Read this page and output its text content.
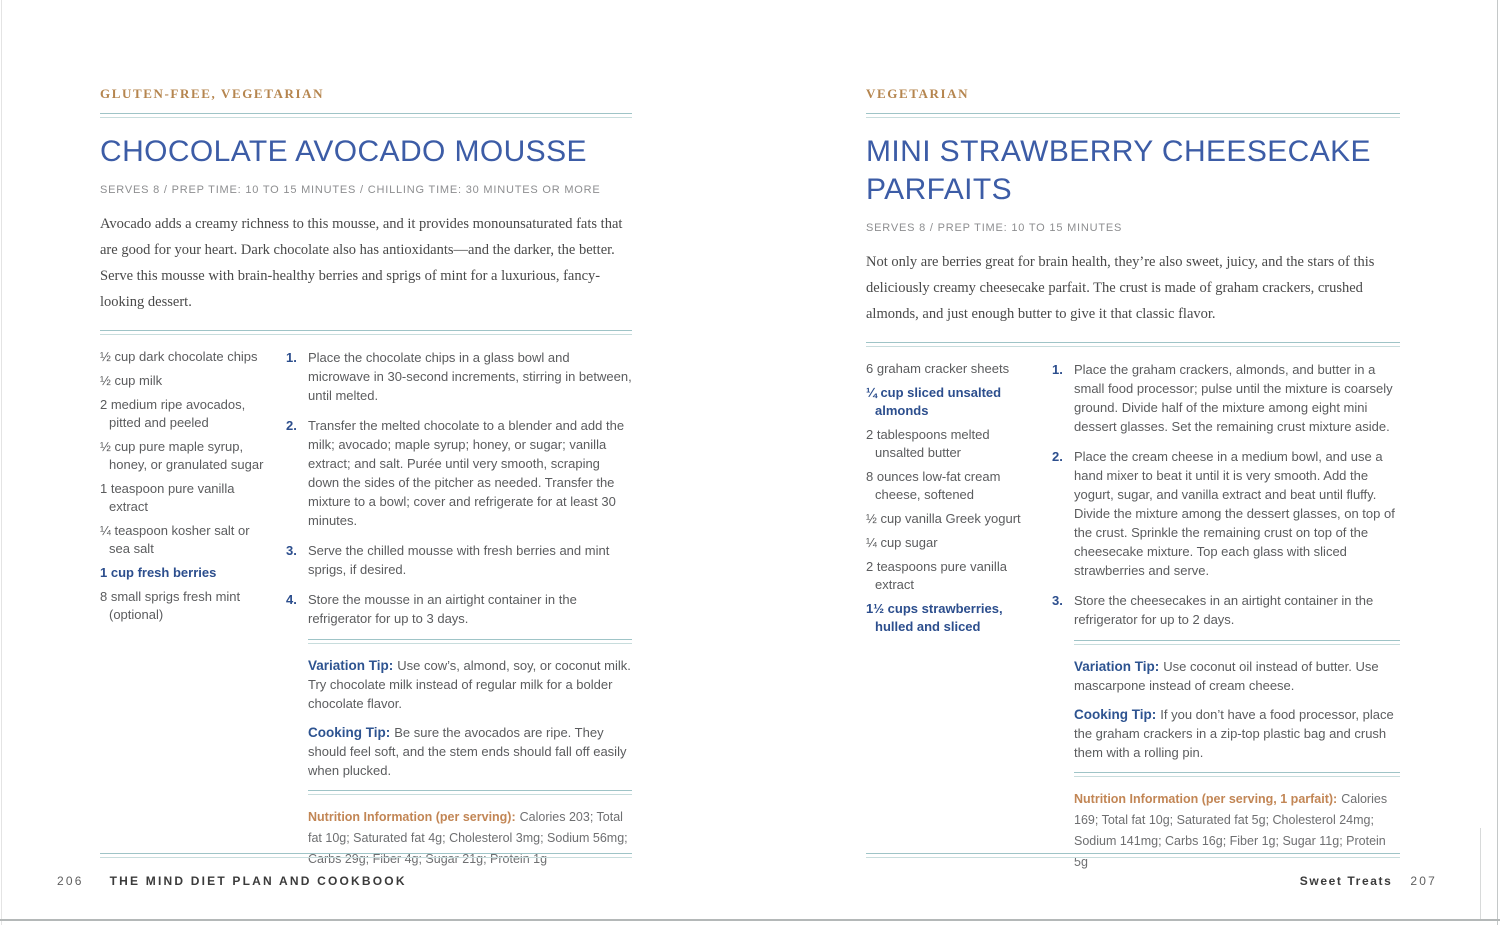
GLUTEN-FREE, VEGETARIAN
CHOCOLATE AVOCADO MOUSSE
SERVES 8 / PREP TIME: 10 TO 15 MINUTES / CHILLING TIME: 30 MINUTES OR MORE

Avocado adds a creamy richness to this mousse, and it provides monounsaturated fats that are good for your heart. Dark chocolate also has antioxidants—and the darker, the better. Serve this mousse with brain-healthy berries and sprigs of mint for a luxurious, fancy-looking dessert.

½ cup dark chocolate chips

½ cup milk

2 medium ripe avocados, pitted and peeled

½ cup pure maple syrup, honey, or granulated sugar

1 teaspoon pure vanilla extract

¼ teaspoon kosher salt or sea salt

1 cup fresh berries

8 small sprigs fresh mint (optional)

1. Place the chocolate chips in a glass bowl and microwave in 30-second increments, stirring in between, until melted.

2. Transfer the melted chocolate to a blender and add the milk; avocado; maple syrup; honey, or sugar; vanilla extract; and salt. Purée until very smooth, scraping down the sides of the pitcher as needed. Transfer the mixture to a bowl; cover and refrigerate for at least 30 minutes.

3. Serve the chilled mousse with fresh berries and mint sprigs, if desired.

4. Store the mousse in an airtight container in the refrigerator for up to 3 days.

Variation Tip: Use cow’s, almond, soy, or coconut milk. Try chocolate milk instead of regular milk for a bolder chocolate flavor.

Cooking Tip: Be sure the avocados are ripe. They should feel soft, and the stem ends should fall off easily when plucked.

Nutrition Information (per serving): Calories 203; Total fat 10g; Saturated fat 4g; Cholesterol 3mg; Sodium 56mg; Carbs 29g; Fiber 4g; Sugar 21g; Protein 1g

VEGETARIAN
MINI STRAWBERRY CHEESECAKE PARFAITS
SERVES 8 / PREP TIME: 10 TO 15 MINUTES

Not only are berries great for brain health, they’re also sweet, juicy, and the stars of this deliciously creamy cheesecake parfait. The crust is made of graham crackers, crushed almonds, and just enough butter to give it that classic flavor.

6 graham cracker sheets

¼ cup sliced unsalted almonds

2 tablespoons melted unsalted butter

8 ounces low-fat cream cheese, softened

½ cup vanilla Greek yogurt

¼ cup sugar

2 teaspoons pure vanilla extract

1½ cups strawberries, hulled and sliced

1. Place the graham crackers, almonds, and butter in a small food processor; pulse until the mixture is coarsely ground. Divide half of the mixture among eight mini dessert glasses. Set the remaining crust mixture aside.

2. Place the cream cheese in a medium bowl, and use a hand mixer to beat it until it is very smooth. Add the yogurt, sugar, and vanilla extract and beat until fluffy. Divide the mixture among the dessert glasses, on top of the crust. Sprinkle the remaining crust on top of the cheesecake mixture. Top each glass with sliced strawberries and serve.

3. Store the cheesecakes in an airtight container in the refrigerator for up to 2 days.

Variation Tip: Use coconut oil instead of butter. Use mascarpone instead of cream cheese.

Cooking Tip: If you don’t have a food processor, place the graham crackers in a zip-top plastic bag and crush them with a rolling pin.

Nutrition Information (per serving, 1 parfait): Calories 169; Total fat 10g; Saturated fat 5g; Cholesterol 24mg; Sodium 141mg; Carbs 16g; Fiber 1g; Sugar 11g; Protein 5g

206 THE MIND DIET PLAN AND COOKBOOK	Sweet Treats 207
